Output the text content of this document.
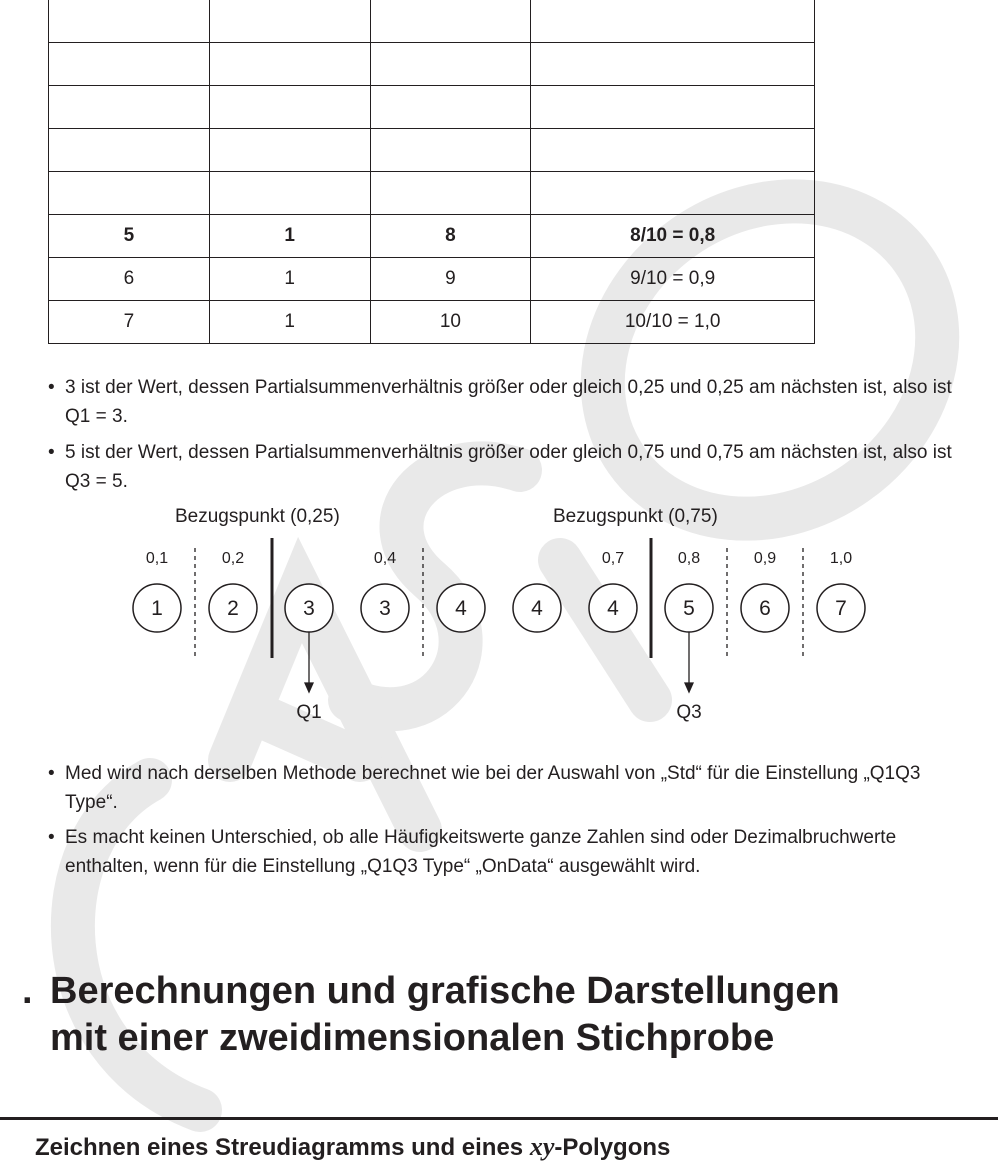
5	1	8	8/10 = 0,8
6	1	9	9/10 = 0,9
7	1	10	10/10 = 1,0
• 3 ist der Wert, dessen Partialsummenverhältnis größer oder gleich 0,25 und 0,25 am nächsten ist, also ist Q1 = 3.
• 5 ist der Wert, dessen Partialsummenverhältnis größer oder gleich 0,75 und 0,75 am nächsten ist, also ist Q3 = 5.
Bezugspunkt (0,25)	Bezugspunkt (0,75)
0,1	0,2	0,4	0,7	0,8	0,9	1,0
1	2	3	3	4	4	4	5	6	7
Q1	Q3
• Med wird nach derselben Methode berechnet wie bei der Auswahl von „Std“ für die Einstellung „Q1Q3 Type“.
• Es macht keinen Unterschied, ob alle Häufigkeitswerte ganze Zahlen sind oder Dezimalbruchwerte enthalten, wenn für die Einstellung „Q1Q3 Type“ „OnData“ ausgewählt wird.
. Berechnungen und grafische Darstellungen
mit einer zweidimensionalen Stichprobe
Zeichnen eines Streudiagramms und eines xy-Polygons
